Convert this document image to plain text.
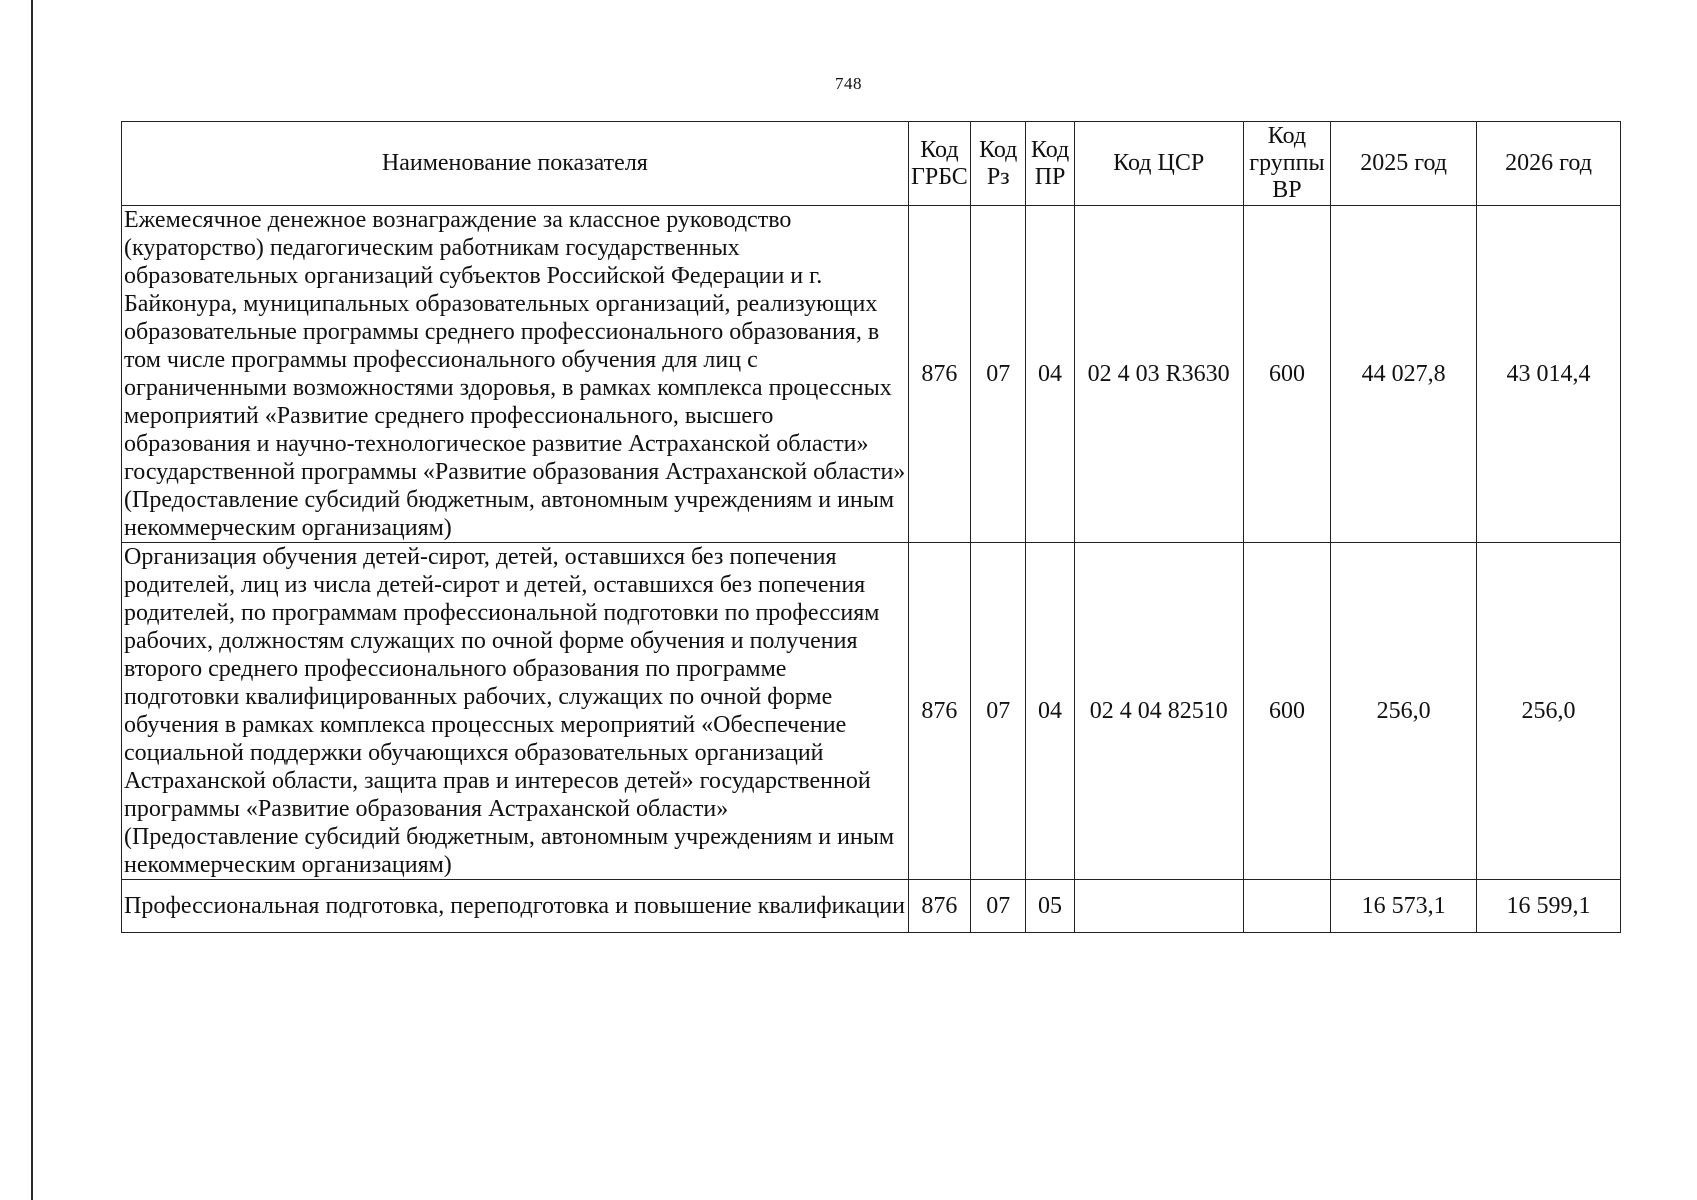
748
Наименование показателя	Код ГРБС	Код Рз	Код ПР	Код ЦСР	Код группы ВР	2025 год	2026 год
Ежемесячное денежное вознаграждение за классное руководство (кураторство) педагогическим работникам государственных образовательных организаций субъектов Российской Федерации и г. Байконура, муниципальных образовательных организаций, реализующих образовательные программы среднего профессионального образования, в том числе программы профессионального обучения для лиц с ограниченными возможностями здоровья, в рамках комплекса процессных мероприятий «Развитие среднего профессионального, высшего образования и научно-технологическое развитие Астраханской области» государственной программы «Развитие образования Астраханской области» (Предоставление субсидий бюджетным, автономным учреждениям и иным некоммерческим организациям)	876	07	04	02 4 03 R3630	600	44 027,8	43 014,4
Организация обучения детей-сирот, детей, оставшихся без попечения родителей, лиц из числа детей-сирот и детей, оставшихся без попечения родителей, по программам профессиональной подготовки по профессиям рабочих, должностям служащих по очной форме обучения и получения второго среднего профессионального образования по программе подготовки квалифицированных рабочих, служащих по очной форме обучения в рамках комплекса процессных мероприятий «Обеспечение социальной поддержки обучающихся образовательных организаций Астраханской области, защита прав и интересов детей» государственной программы «Развитие образования Астраханской области» (Предоставление субсидий бюджетным, автономным учреждениям и иным некоммерческим организациям)	876	07	04	02 4 04 82510	600	256,0	256,0
Профессиональная подготовка, переподготовка и повышение квалификации	876	07	05			16 573,1	16 599,1
